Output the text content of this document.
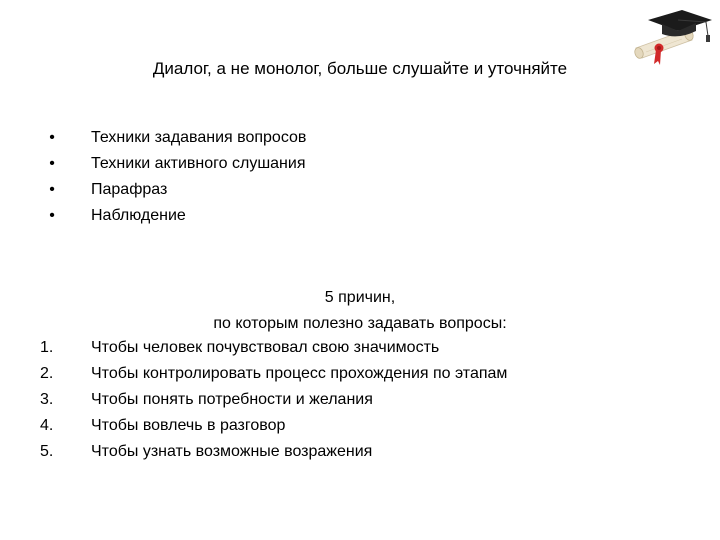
Диалог, а не монолог, больше слушайте и уточняйте
•	Техники задавания вопросов
•	Техники активного слушания
•	Парафраз
•	Наблюдение
5 причин,
по которым полезно задавать вопросы:
1.	Чтобы человек почувствовал свою значимость
2.	Чтобы контролировать процесс прохождения по этапам
3.	Чтобы понять потребности и желания
4.	Чтобы вовлечь в разговор
5.	Чтобы узнать возможные возражения
